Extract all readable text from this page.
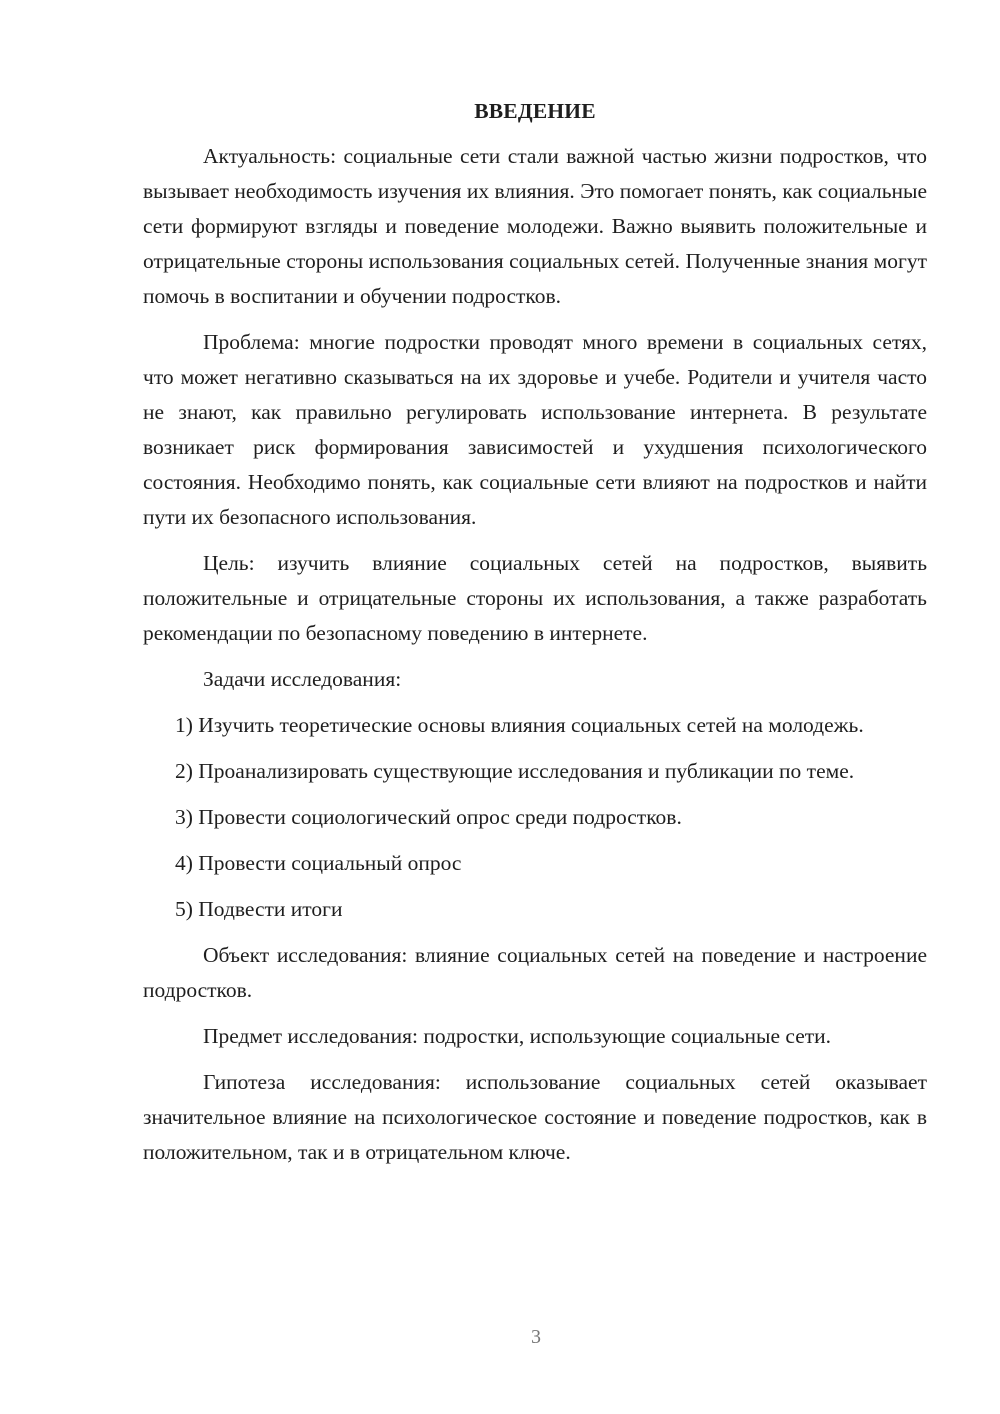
ВВЕДЕНИЕ

Актуальность: социальные сети стали важной частью жизни подростков, что вызывает необходимость изучения их влияния. Это помогает понять, как социальные сети формируют взгляды и поведение молодежи. Важно выявить положительные и отрицательные стороны использования социальных сетей. Полученные знания могут помочь в воспитании и обучении подростков.

Проблема: многие подростки проводят много времени в социальных сетях, что может негативно сказываться на их здоровье и учебе. Родители и учителя часто не знают, как правильно регулировать использование интернета. В результате возникает риск формирования зависимостей и ухудшения психологического состояния. Необходимо понять, как социальные сети влияют на подростков и найти пути их безопасного использования.

Цель: изучить влияние социальных сетей на подростков, выявить положительные и отрицательные стороны их использования, а также разработать рекомендации по безопасному поведению в интернете.

Задачи исследования:

1) Изучить теоретические основы влияния социальных сетей на молодежь.

2) Проанализировать существующие исследования и публикации по теме.

3) Провести социологический опрос среди подростков.

4) Провести социальный опрос

5) Подвести итоги

Объект исследования: влияние социальных сетей на поведение и настроение подростков.

Предмет исследования: подростки, использующие социальные сети.

Гипотеза исследования: использование социальных сетей оказывает значительное влияние на психологическое состояние и поведение подростков, как в положительном, так и в отрицательном ключе.

3
